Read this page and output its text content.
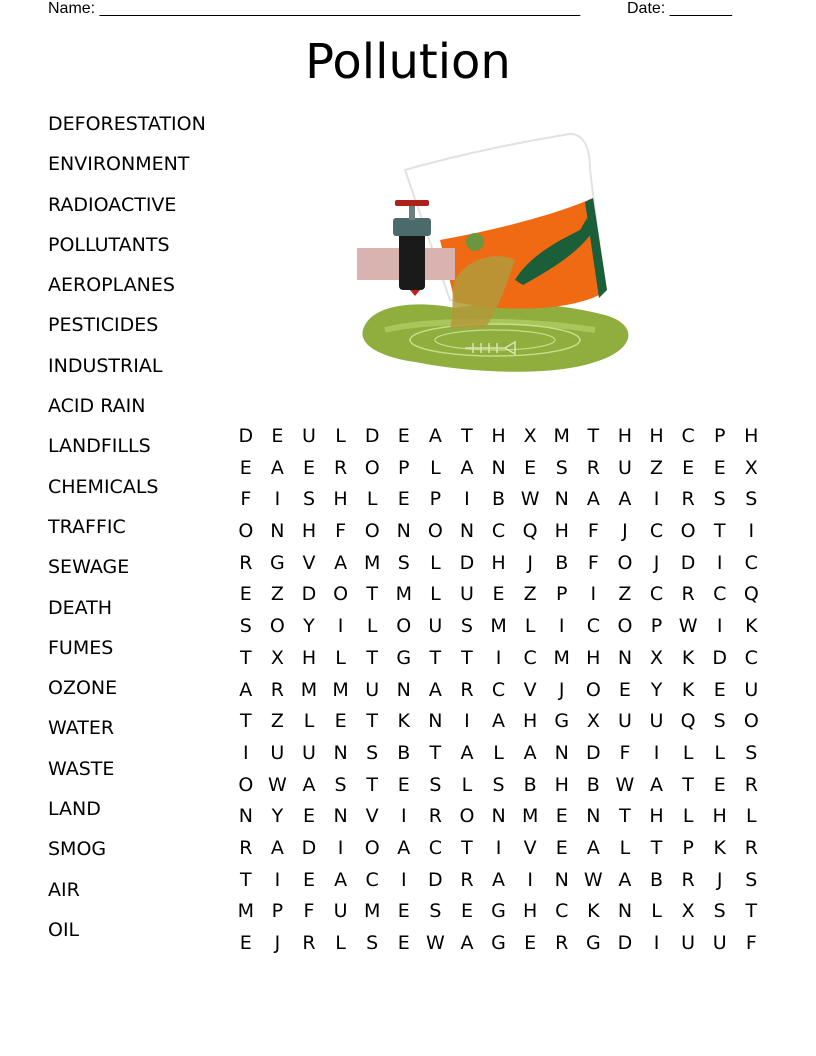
Name: ______________________________________________________	Date: _______
Pollution
DEFORESTATION
ENVIRONMENT
RADIOACTIVE
POLLUTANTS
AEROPLANES
PESTICIDES
INDUSTRIAL
ACID RAIN
LANDFILLS
CHEMICALS
TRAFFIC
SEWAGE
DEATH
FUMES
OZONE
WATER
WASTE
LAND
SMOG
AIR
OIL
D E U	L D E	A	T H X M T H H C	P H
E	A	E R O P	L	A N E	S R U Z	E	E	X
F	I	S H	L	E	P	I	B W N A A	I	R S	S
O N H F O N O N C Q H F	J	C O T	I
R G V A M S	L D H	J	B	F O	J	D	I	C
E	Z D O T M L	U E	Z	P	I	Z C R C Q
S O Y	I	L O U S M L	I	C O P W	I	K
T	X H	L	T G T	T	I	C M H N X K D C
A R M M U N A R C V	J	O E	Y	K	E U
T	Z	L	E	T	K N	I	A H G X U U Q S O
I	U U N S	B	T	A	L	A N D F	I	L	L	S
O W A	S	T	E	S	L	S	B H B W A	T	E R
N Y	E N V	I	R O N M E N T H	L	H	L
R A D	I	O A C	T	I	V	E	A	L	T	P	K R
T	I	E	A C	I	D R A	I	N W A B R	J	S
M P	F	U M E	S	E G H C K N	L	X	S	T
E	J	R	L	S	E W A G E R G D	I	U U	F
